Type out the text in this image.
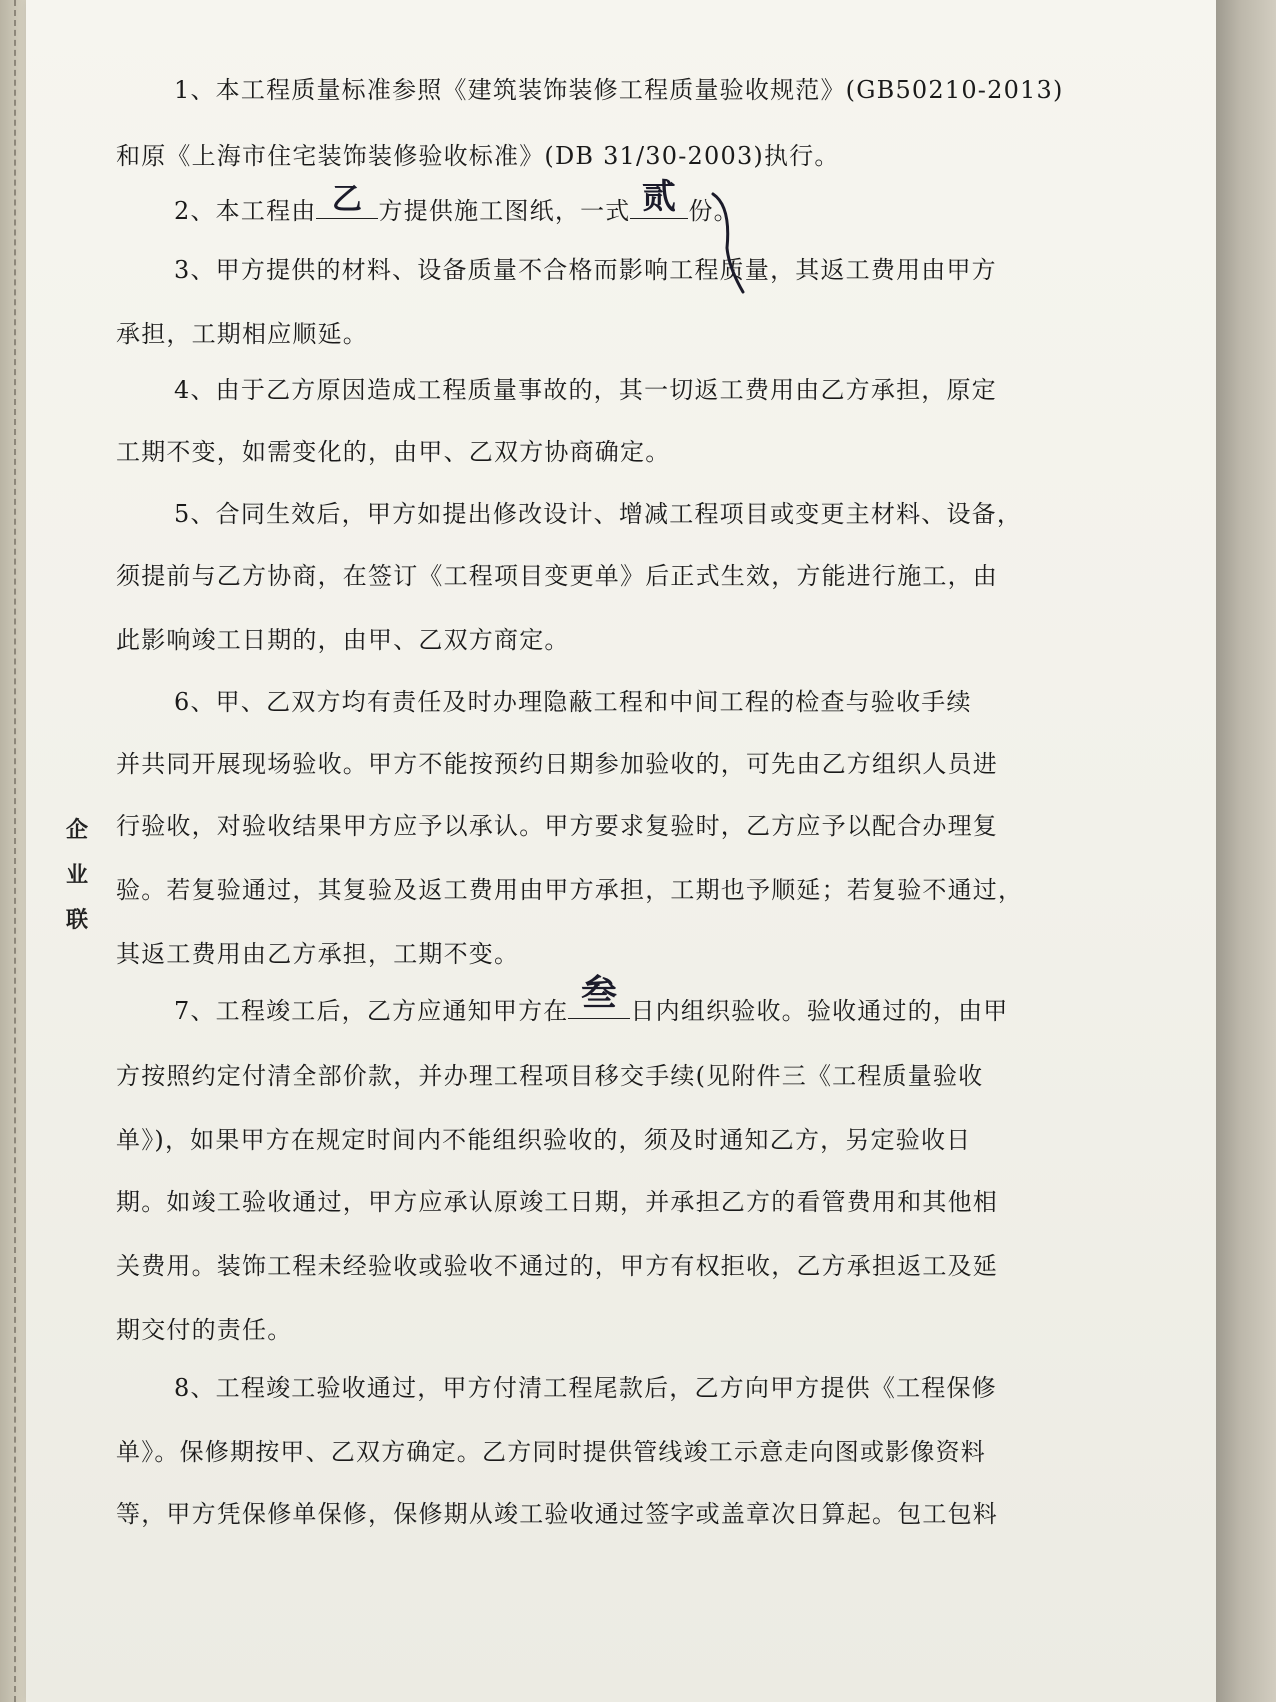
企
业
联
1、本工程质量标准参照《建筑装饰装修工程质量验收规范》(GB50210-2013)
和原《上海市住宅装饰装修验收标准》(DB 31/30-2003)执行。
2、本工程由 乙 方提供施工图纸，一式 贰 份。
3、甲方提供的材料、设备质量不合格而影响工程质量，其返工费用由甲方
承担，工期相应顺延。
4、由于乙方原因造成工程质量事故的，其一切返工费用由乙方承担，原定
工期不变，如需变化的，由甲、乙双方协商确定。
5、合同生效后，甲方如提出修改设计、增减工程项目或变更主材料、设备，
须提前与乙方协商，在签订《工程项目变更单》后正式生效，方能进行施工，由
此影响竣工日期的，由甲、乙双方商定。
6、甲、乙双方均有责任及时办理隐蔽工程和中间工程的检查与验收手续
并共同开展现场验收。甲方不能按预约日期参加验收的，可先由乙方组织人员进
行验收，对验收结果甲方应予以承认。甲方要求复验时，乙方应予以配合办理复
验。若复验通过，其复验及返工费用由甲方承担，工期也予顺延；若复验不通过，
其返工费用由乙方承担，工期不变。
7、工程竣工后，乙方应通知甲方在 叁 日内组织验收。验收通过的，由甲
方按照约定付清全部价款，并办理工程项目移交手续(见附件三《工程质量验收
单》)，如果甲方在规定时间内不能组织验收的，须及时通知乙方，另定验收日
期。如竣工验收通过，甲方应承认原竣工日期，并承担乙方的看管费用和其他相
关费用。装饰工程未经验收或验收不通过的，甲方有权拒收，乙方承担返工及延
期交付的责任。
8、工程竣工验收通过，甲方付清工程尾款后，乙方向甲方提供《工程保修
单》。保修期按甲、乙双方确定。乙方同时提供管线竣工示意走向图或影像资料
等，甲方凭保修单保修，保修期从竣工验收通过签字或盖章次日算起。包工包料
